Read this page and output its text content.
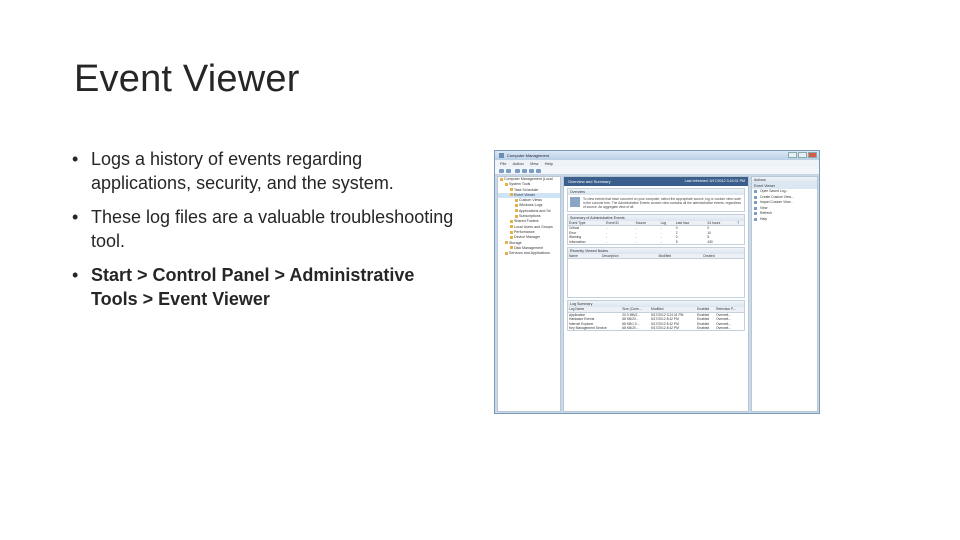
Event Viewer
• Logs a history of events regarding applications, security, and the system.
• These log files are a valuable troubleshooting tool.
• Start > Control Panel > Administrative Tools > Event Viewer
Computer Management
File Action View Help
Computer Management (Local
System Tools
Task Scheduler
Event Viewer
Custom Views
Windows Logs
Applications and Se
Subscriptions
Shared Folders
Local Users and Groups
Performance
Device Manager
Storage
Disk Management
Services and Applications
Overview and Summary	Last refreshed: 5/17/2012 3:24:31 PM
Overview
To view events that have occurred on your computer, select the appropriate source, log or custom view node in the console tree. The Administrative Events custom view contains all the administrative events, regardless of source. An aggregate view of all
Summary of Administrative Events
Event Type	Event ID	Source	Log	Last hour	24 hours	7
Critical	-	-	-	0	0	
Error	-	-	-	2	10	
Warning	-	-	-	0	5	
Information	-	-	-	5	430	
Recently Viewed Nodes
Name	Description	Modified	Created
Log Summary
Log Name	Size (Curre...	Modified	Enabled	Retention P...
Application	20.0 MB/2...	5/17/2012 3:24:31 PM	Enabled	Overwrit...
Hardware Events	68 KB/20...	5/17/2012 8:42 PM	Enabled	Overwrit...
Internet Explorer	68 KB/1.0...	5/17/2012 8:42 PM	Enabled	Overwrit...
Key Management Service	68 KB/20...	5/17/2012 8:42 PM	Enabled	Overwrit...
Actions
Event Viewer
Open Saved Log...
Create Custom View...
Import Custom View...
View
Refresh
Help
